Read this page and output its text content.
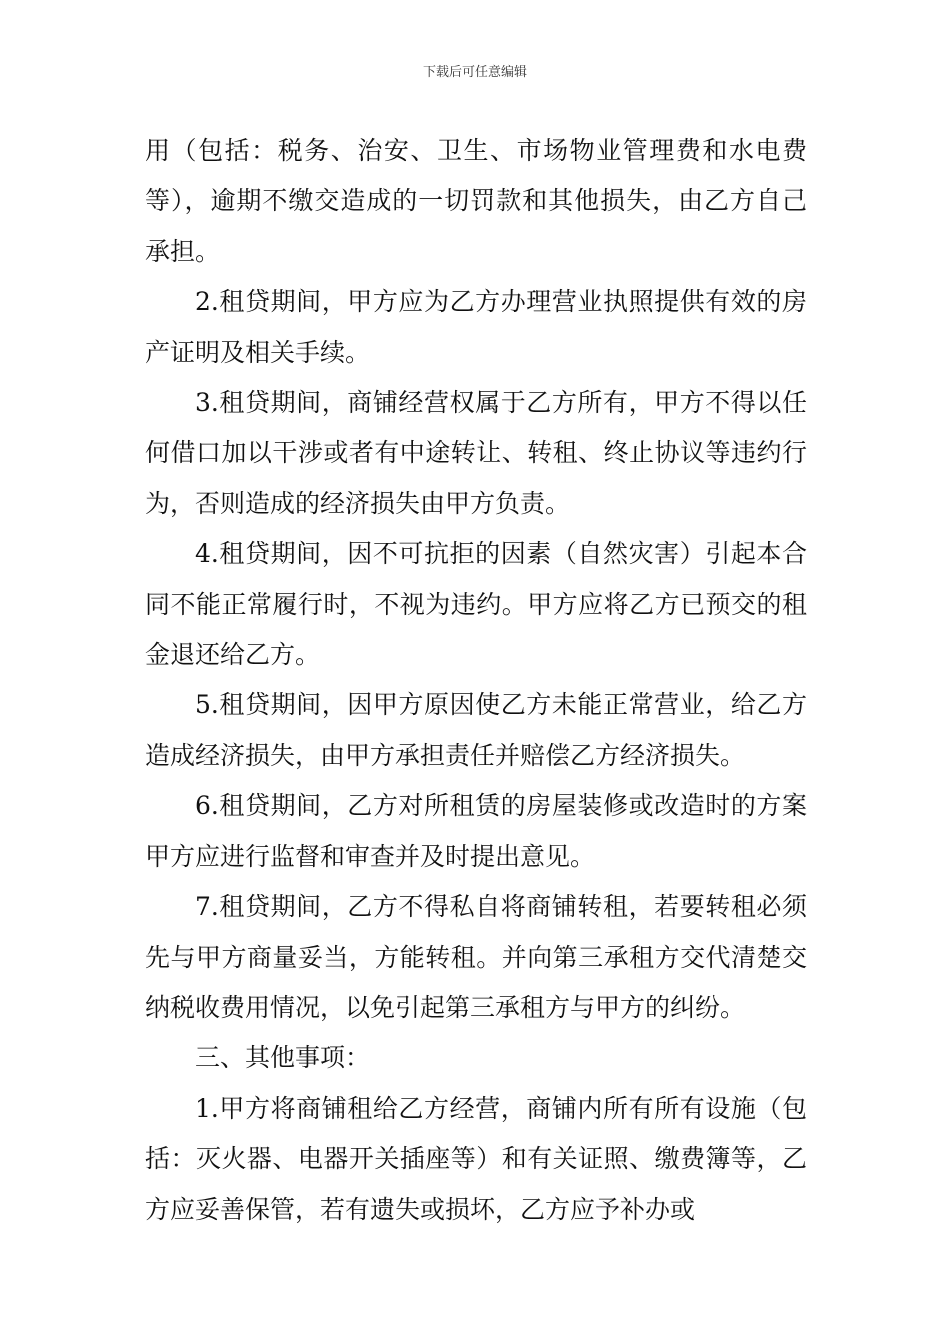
下载后可任意编辑

用（包括：税务、治安、卫生、市场物业管理费和水电费等），逾期不缴交造成的一切罚款和其他损失，由乙方自己承担。

2.租贷期间，甲方应为乙方办理营业执照提供有效的房产证明及相关手续。

3.租贷期间，商铺经营权属于乙方所有，甲方不得以任何借口加以干涉或者有中途转让、转租、终止协议等违约行为，否则造成的经济损失由甲方负责。

4.租贷期间，因不可抗拒的因素（自然灾害）引起本合同不能正常履行时，不视为违约。甲方应将乙方已预交的租金退还给乙方。

5.租贷期间，因甲方原因使乙方未能正常营业，给乙方造成经济损失，由甲方承担责任并赔偿乙方经济损失。

6.租贷期间，乙方对所租赁的房屋装修或改造时的方案甲方应进行监督和审查并及时提出意见。

7.租贷期间，乙方不得私自将商铺转租，若要转租必须先与甲方商量妥当，方能转租。并向第三承租方交代清楚交纳税收费用情况，以免引起第三承租方与甲方的纠纷。

三、其他事项：

1.甲方将商铺租给乙方经营，商铺内所有所有设施（包括：灭火器、电器开关插座等）和有关证照、缴费簿等，乙方应妥善保管，若有遗失或损坏，乙方应予补办或
